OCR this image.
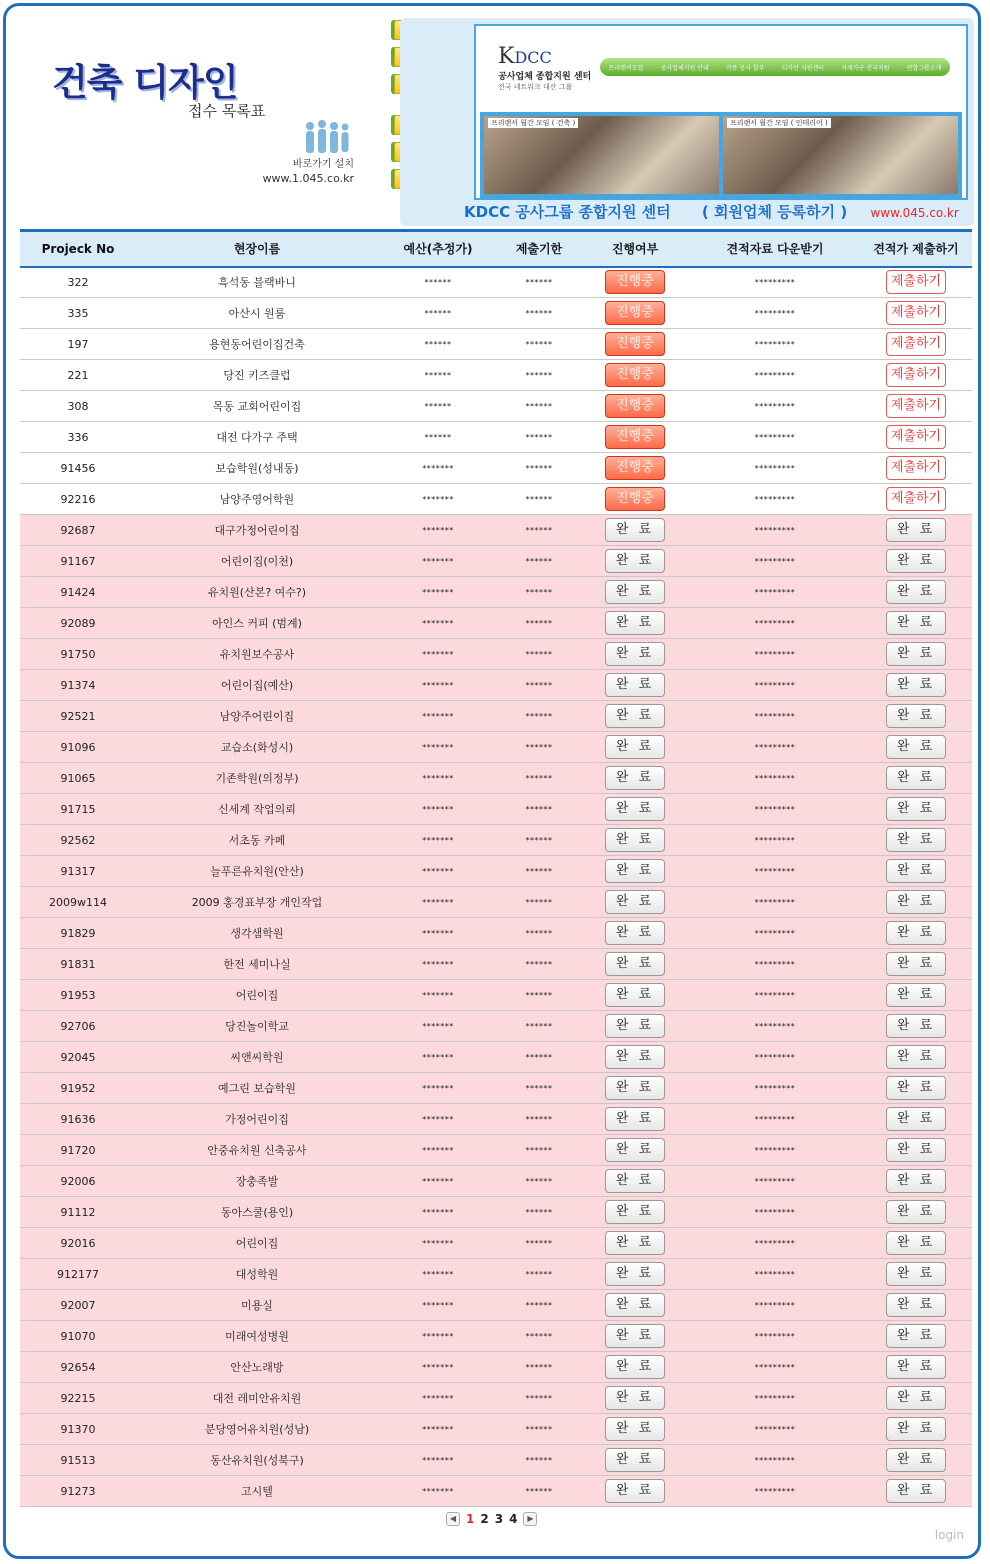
건축 디자인
접수 목록표
바로가기 설치
www.1.045.co.kr
KDCC
공사업체 종합지원 센터
전국 네트워크 대산 그룹
프리랜서모집	공사업체지원 안내	각종 공사 할부	디자인 지원센터	자재가구 전국지원	연합그룹소개
프리랜서 월간 모임 ( 건축 )	프리랜서 월간 모임 ( 인테리어 )
KDCC 공사그룹 종합지원 센터 ( 회원업체 등록하기 ) www.045.co.kr
Projeck No	현장이름	예산(추정가)	제출기한	진행여부	견적자료 다운받기	견적가 제출하기
322	흑석동 블랙바니	******	******	진행중	*********	제출하기
335	아산시 원룸	******	******	진행중	*********	제출하기
197	용현동어린이집건축	******	******	진행중	*********	제출하기
221	당진 키즈클럽	******	******	진행중	*********	제출하기
308	목동 교회어린이집	******	******	진행중	*********	제출하기
336	대전 다가구 주택	******	******	진행중	*********	제출하기
91456	보습학원(성내동)	*******	******	진행중	*********	제출하기
92216	남양주영어학원	*******	******	진행중	*********	제출하기
92687	대구가정어린이집	*******	******	완 료	*********	완 료
91167	어린이집(이천)	*******	******	완 료	*********	완 료
91424	유치원(산본? 여수?)	*******	******	완 료	*********	완 료
92089	아인스 커피 (범계)	*******	******	완 료	*********	완 료
91750	유치원보수공사	*******	******	완 료	*********	완 료
91374	어린이집(예산)	*******	******	완 료	*********	완 료
92521	남양주어린이집	*******	******	완 료	*********	완 료
91096	교습소(화성시)	*******	******	완 료	*********	완 료
91065	기존학원(의정부)	*******	******	완 료	*********	완 료
91715	신세계 작업의뢰	*******	******	완 료	*********	완 료
92562	서초동 카페	*******	******	완 료	*********	완 료
91317	늘푸른유치원(안산)	*******	******	완 료	*********	완 료
2009w114	2009 홍경표부장 개인작업	*******	******	완 료	*********	완 료
91829	생각샘학원	*******	******	완 료	*********	완 료
91831	한전 세미나실	*******	******	완 료	*********	완 료
91953	어린이집	*******	******	완 료	*********	완 료
92706	당진놀이학교	*******	******	완 료	*********	완 료
92045	씨앤씨학원	*******	******	완 료	*********	완 료
91952	예그린 보습학원	*******	******	완 료	*********	완 료
91636	가정어린이집	*******	******	완 료	*********	완 료
91720	안중유치원 신축공사	*******	******	완 료	*********	완 료
92006	장충족발	*******	******	완 료	*********	완 료
91112	동아스쿨(용인)	*******	******	완 료	*********	완 료
92016	어린이집	*******	******	완 료	*********	완 료
912177	대성학원	*******	******	완 료	*********	완 료
92007	미용실	*******	******	완 료	*********	완 료
91070	미래여성병원	*******	******	완 료	*********	완 료
92654	안산노래방	*******	******	완 료	*********	완 료
92215	대전 레미안유치원	*******	******	완 료	*********	완 료
91370	분당영어유치원(성남)	*******	******	완 료	*********	완 료
91513	동산유치원(성북구)	*******	******	완 료	*********	완 료
91273	고시텔	*******	******	완 료	*********	완 료
◀ 1 2 3 4	▶
login
